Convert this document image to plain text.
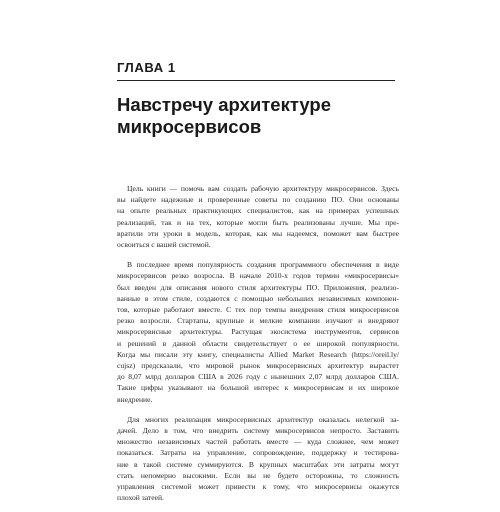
ГЛАВА 1
Навстречу архитектуре
микросервисов
Цель книги — помочь вам создать рабочую архитектуру микросервисов. Здесь
вы найдете надежные и проверенные советы по созданию ПО. Они основаны
на опыте реальных практикующих специалистов, как на примерах успешных
реализаций, так и на тех, которые могли быть реализованы лучше. Мы пре-
вратили эти уроки в модель, которая, как мы надеемся, поможет вам быстрее
освоиться с вашей системой.
В последнее время популярность создания программного обеспечения в виде
микросервисов резко возросла. В начале 2010-х годов термин «микросервисы»
был введен для описания нового стиля архитектуры ПО. Приложения, реализо-
ванные в этом стиле, создаются с помощью небольших независимых компонен-
тов, которые работают вместе. С тех пор темпы внедрения стиля микросервисов
резко возросли. Стартапы, крупные и мелкие компании изучают и внедряют
микросервисные архитектуры. Растущая экосистема инструментов, сервисов
и решений в данной области свидетельствует о ее широкой популярности.
Когда мы писали эту книгу, специалисты Allied Market Research (https://oreil.ly/
cujsz) предсказали, что мировой рынок микросервисных архитектур вырастет
до 8,07 млрд долларов США в 2026 году с нынешних 2,07 млрд долларов США.
Такие цифры указывают на большой интерес к микросервисам и их широкое
внедрение.
Для многих реализация микросервисных архитектур оказалась нелегкой за-
дачей. Дело в том, что внедрить систему микросервисов непросто. Заставить
множество независимых частей работать вместе — куда сложнее, чем может
показаться. Затраты на управление, сопровождение, поддержку и тестирова-
ние в такой системе суммируются. В крупных масштабах эти затраты могут
стать непомерно высокими. Если вы не будете осторожны, то сложность
управления системой может привести к тому, что микросервисы окажутся
плохой затеей.
